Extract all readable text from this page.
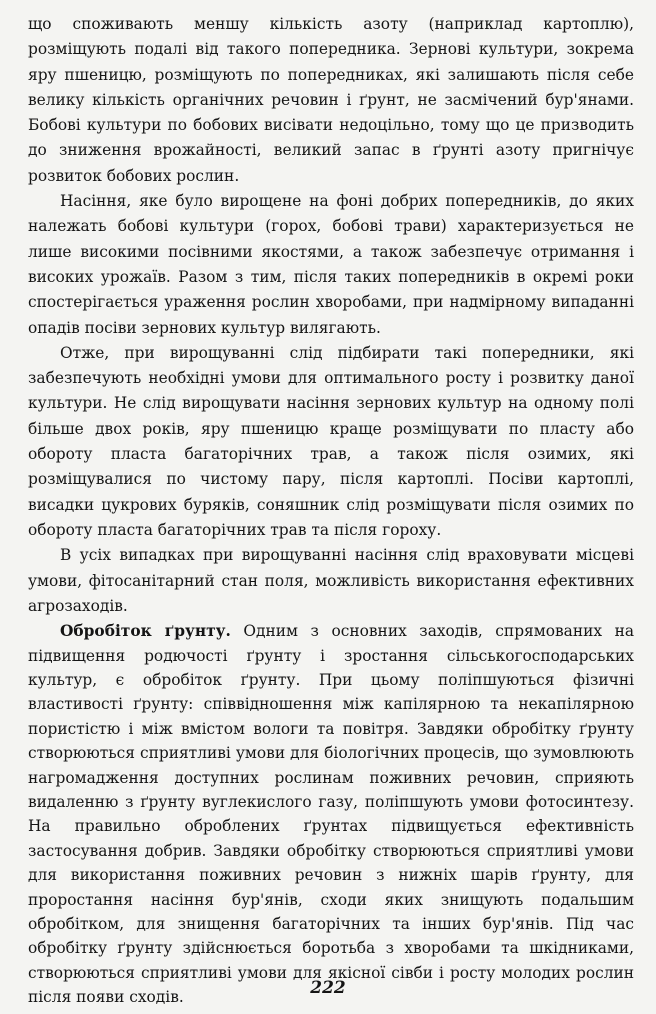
що споживають меншу кількість азоту (наприклад картоплю), розміщують подалі від такого попередника. Зернові культури, зокрема яру пшеницю, розміщують по попередниках, які залишають після себе велику кількість органічних речовин і ґрунт, не засмічений бур'янами. Бобові культури по бобових висівати недоцільно, тому що це призводить до зниження врожайності, великий запас в ґрунті азоту пригнічує розвиток бобових рослин.

Насіння, яке було вирощене на фоні добрих попередників, до яких належать бобові культури (горох, бобові трави) характеризується не лише високими посівними якостями, а також забезпечує отримання і високих урожаїв. Разом з тим, після таких попередників в окремі роки спостерігається ураження рослин хворобами, при надмірному випаданні опадів посіви зернових культур вилягають.

Отже, при вирощуванні слід підбирати такі попередники, які забезпечують необхідні умови для оптимального росту і розвитку даної культури. Не слід вирощувати насіння зернових культур на одному полі більше двох років, яру пшеницю краще розміщувати по пласту або обороту пласта багаторічних трав, а також після озимих, які розміщувалися по чистому пару, після картоплі. Посіви картоплі, висадки цукрових буряків, соняшник слід розміщувати після озимих по обороту пласта багаторічних трав та після гороху.

В усіх випадках при вирощуванні насіння слід враховувати місцеві умови, фітосанітарний стан поля, можливість використання ефективних агрозаходів.

Обробіток ґрунту. Одним з основних заходів, спрямованих на підвищення родючості ґрунту і зростання сільськогосподарських культур, є обробіток ґрунту. При цьому поліпшуються фізичні властивості ґрунту: співвідношення між капілярною та некапілярною пористістю і між вмістом вологи та повітря. Завдяки обробітку ґрунту створюються сприятливі умови для біологічних процесів, що зумовлюють нагромадження доступних рослинам поживних речовин, сприяють видаленню з ґрунту вуглекислого газу, поліпшують умови фотосинтезу. На правильно оброблених ґрунтах підвищується ефективність застосування добрив. Завдяки обробітку створюються сприятливі умови для використання поживних речовин з нижніх шарів ґрунту, для проростання насіння бур'янів, сходи яких знищують подальшим обробітком, для знищення багаторічних та інших бур'янів. Під час обробітку ґрунту здійснюється боротьба з хворобами та шкідниками, створюються сприятливі умови для якісної сівби і росту молодих рослин після появи сходів.	222
